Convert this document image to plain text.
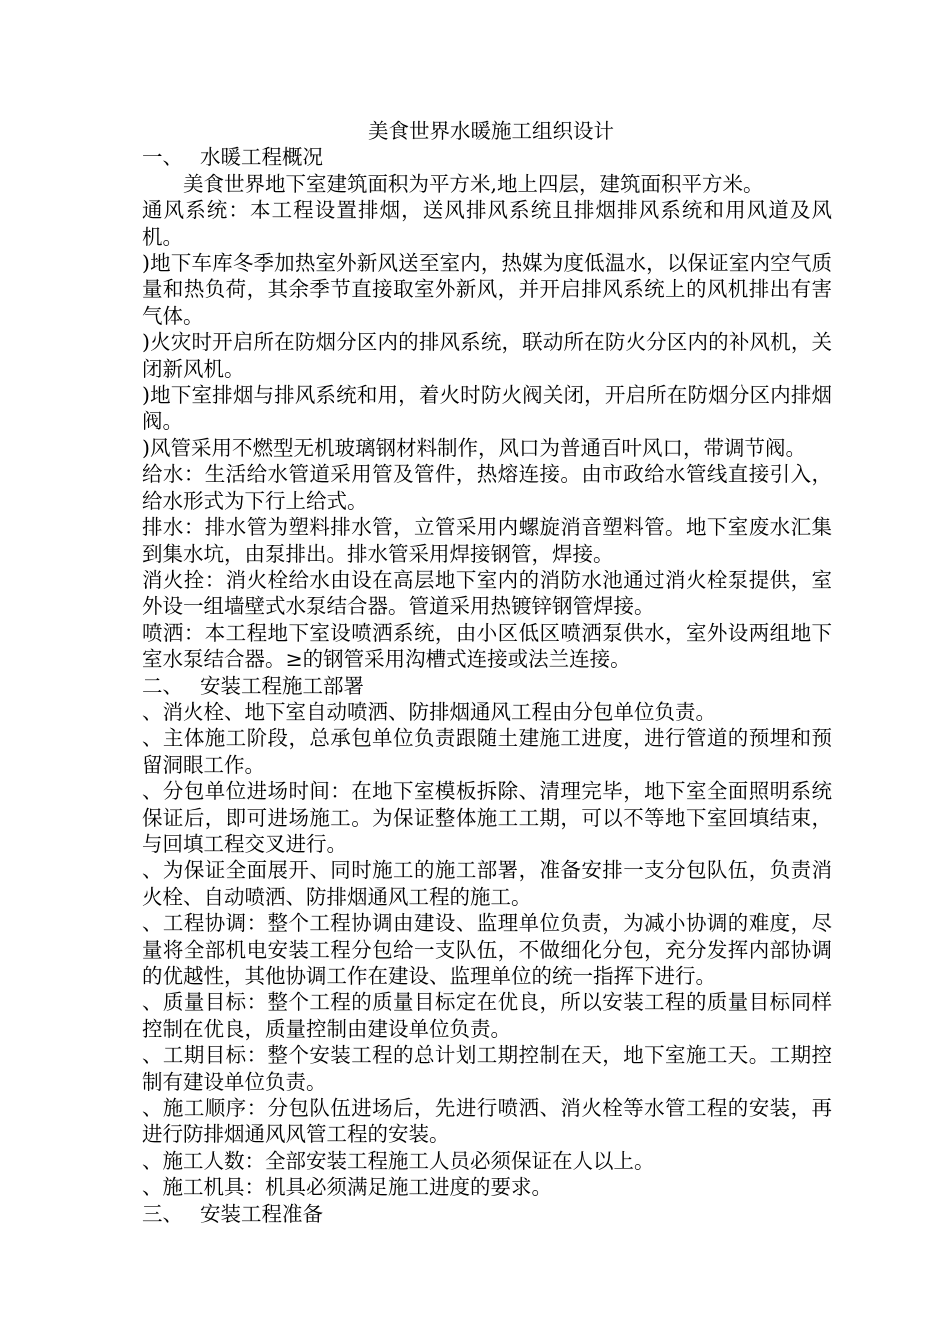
美食世界水暖施工组织设计

一、 水暖工程概况

美食世界地下室建筑面积为平方米,地上四层，建筑面积平方米。

通风系统：本工程设置排烟，送风排风系统且排烟排风系统和用风道及风机。

)地下车库冬季加热室外新风送至室内，热媒为度低温水，以保证室内空气质量和热负荷，其余季节直接取室外新风，并开启排风系统上的风机排出有害气体。

)火灾时开启所在防烟分区内的排风系统，联动所在防火分区内的补风机，关闭新风机。

)地下室排烟与排风系统和用，着火时防火阀关闭，开启所在防烟分区内排烟阀。

)风管采用不燃型无机玻璃钢材料制作，风口为普通百叶风口，带调节阀。

给水：生活给水管道采用管及管件，热熔连接。由市政给水管线直接引入，给水形式为下行上给式。

排水：排水管为塑料排水管，立管采用内螺旋消音塑料管。地下室废水汇集到集水坑，由泵排出。排水管采用焊接钢管，焊接。

消火拴：消火栓给水由设在高层地下室内的消防水池通过消火栓泵提供，室外设一组墙壁式水泵结合器。管道采用热镀锌钢管焊接。

喷洒：本工程地下室设喷洒系统，由小区低区喷洒泵供水，室外设两组地下室水泵结合器。≥的钢管采用沟槽式连接或法兰连接。

二、 安装工程施工部署

、消火栓、地下室自动喷洒、防排烟通风工程由分包单位负责。

、主体施工阶段，总承包单位负责跟随土建施工进度，进行管道的预埋和预留洞眼工作。

、分包单位进场时间：在地下室模板拆除、清理完毕，地下室全面照明系统保证后，即可进场施工。为保证整体施工工期，可以不等地下室回填结束，与回填工程交叉进行。

、为保证全面展开、同时施工的施工部署，准备安排一支分包队伍，负责消火栓、自动喷洒、防排烟通风工程的施工。

、工程协调：整个工程协调由建设、监理单位负责，为减小协调的难度，尽量将全部机电安装工程分包给一支队伍，不做细化分包，充分发挥内部协调的优越性，其他协调工作在建设、监理单位的统一指挥下进行。

、质量目标：整个工程的质量目标定在优良，所以安装工程的质量目标同样控制在优良，质量控制由建设单位负责。

、工期目标：整个安装工程的总计划工期控制在天，地下室施工天。工期控制有建设单位负责。

、施工顺序：分包队伍进场后，先进行喷洒、消火栓等水管工程的安装，再进行防排烟通风风管工程的安装。

、施工人数：全部安装工程施工人员必须保证在人以上。

、施工机具：机具必须满足施工进度的要求。

三、 安装工程准备
